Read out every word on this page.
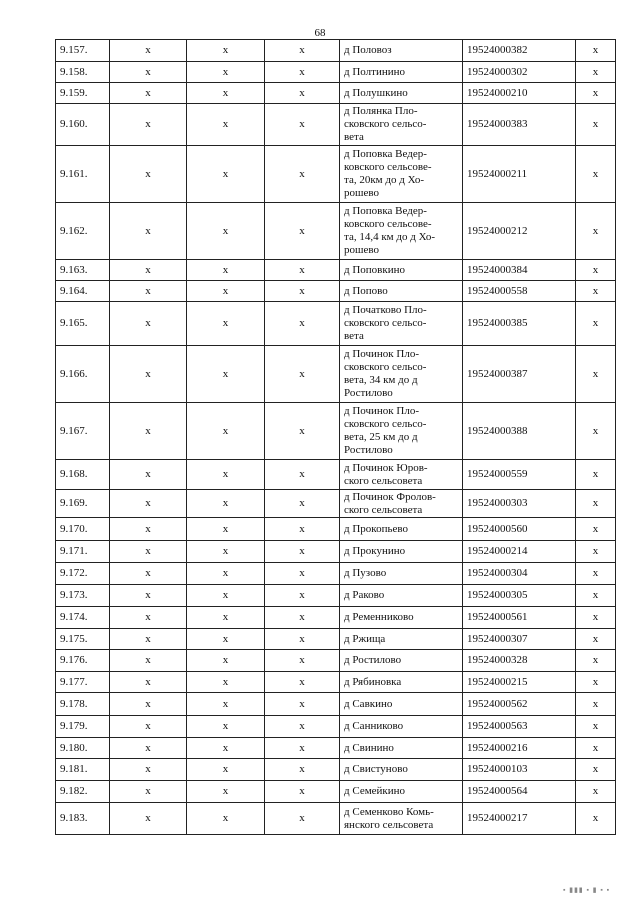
68
9.157.	x	x	x	д Половоз	19524000382	x
9.158.	x	x	x	д Полтинино	19524000302	x
9.159.	x	x	x	д Полушкино	19524000210	x
9.160.	x	x	x	д Полянка Пло-
сковского сельсо-
вета	19524000383	x
9.161.	x	x	x	д Поповка Ведер-
ковского сельсове-
та, 20км до д Хо-
рошево	19524000211	x
9.162.	x	x	x	д Поповка Ведер-
ковского сельсове-
та, 14,4 км до д Хо-
рошево	19524000212	x
9.163.	x	x	x	д Поповкино	19524000384	x
9.164.	x	x	x	д Попово	19524000558	x
9.165.	x	x	x	д Початково Пло-
сковского сельсо-
вета	19524000385	x
9.166.	x	x	x	д Починок Пло-
сковского сельсо-
вета, 34 км до д
Ростилово	19524000387	x
9.167.	x	x	x	д Починок Пло-
сковского сельсо-
вета, 25 км до д
Ростилово	19524000388	x
9.168.	x	x	x	д Починок Юров-
ского сельсовета	19524000559	x
9.169.	x	x	x	д Починок Фролов-
ского сельсовета	19524000303	x
9.170.	x	x	x	д Прокопьево	19524000560	x
9.171.	x	x	x	д Прокунино	19524000214	x
9.172.	x	x	x	д Пузово	19524000304	x
9.173.	x	x	x	д Раково	19524000305	x
9.174.	x	x	x	д Ременниково	19524000561	x
9.175.	x	x	x	д Ржища	19524000307	x
9.176.	x	x	x	д Ростилово	19524000328	x
9.177.	x	x	x	д Рябиновка	19524000215	x
9.178.	x	x	x	д Савкино	19524000562	x
9.179.	x	x	x	д Санниково	19524000563	x
9.180.	x	x	x	д Свинино	19524000216	x
9.181.	x	x	x	д Свистуново	19524000103	x
9.182.	x	x	x	д Семейкино	19524000564	x
9.183.	x	x	x	д Семенково Комь-
янского сельсовета	19524000217	x
▪ ▮▮▮ ▪ ▮ ▪ ▪
